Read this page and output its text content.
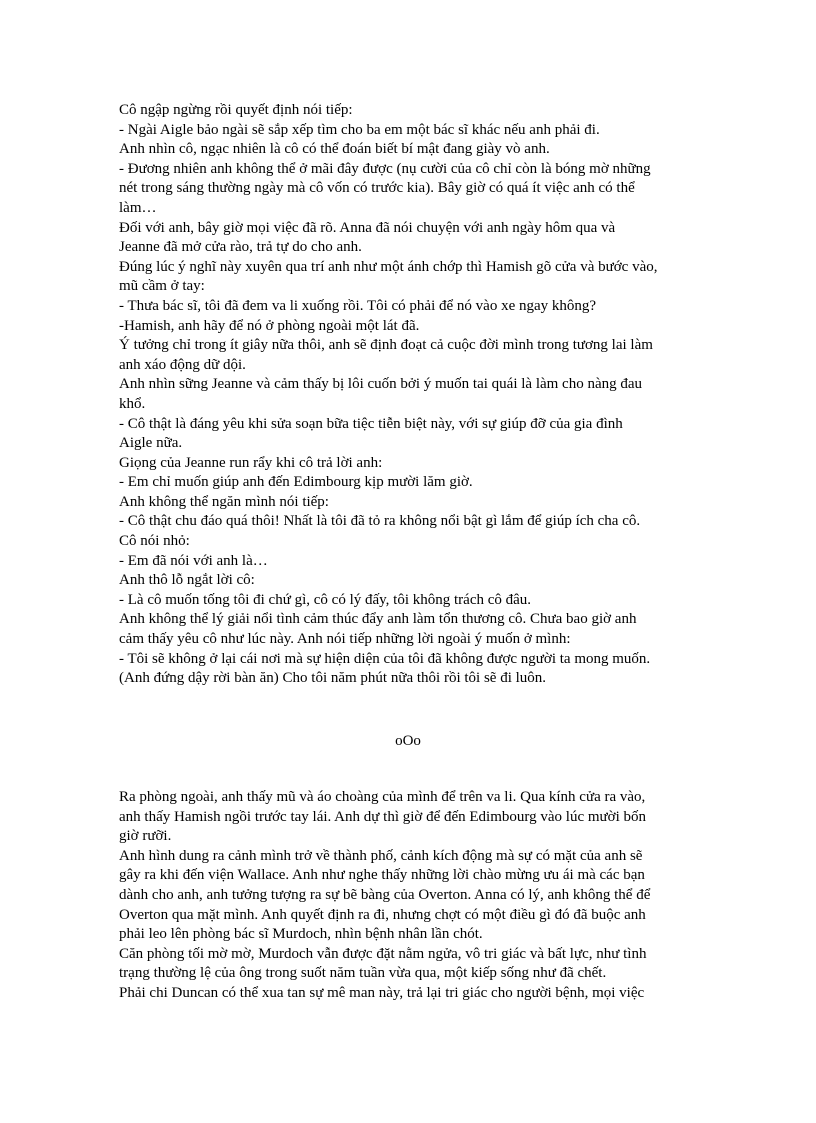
Cô ngập ngừng rồi quyết định nói tiếp:
- Ngài Aigle bảo ngài sẽ sắp xếp tìm cho ba em một bác sĩ khác nếu anh phải đi.
Anh nhìn cô, ngạc nhiên là cô có thể đoán biết bí mật đang giày vò anh.
- Đương nhiên anh không thể ở mãi đây được (nụ cười của cô chỉ còn là bóng mờ những
nét trong sáng thường ngày mà cô vốn có trước kia). Bây giờ có quá ít việc anh có thể
làm…
Đối với anh, bây giờ mọi việc đã rõ. Anna đã nói chuyện với anh ngày hôm qua và
Jeanne đã mở cửa rào, trả tự do cho anh.
Đúng lúc ý nghĩ này xuyên qua trí anh như một ánh chớp thì Hamish gõ cửa và bước vào,
mũ cầm ở tay:
- Thưa bác sĩ, tôi đã đem va li xuống rồi. Tôi có phải để nó vào xe ngay không?
-Hamish, anh hãy để nó ở phòng ngoài một lát đã.
Ý tưởng chỉ trong ít giây nữa thôi, anh sẽ định đoạt cả cuộc đời mình trong tương lai làm
anh xáo động dữ dội.
Anh nhìn sững Jeanne và cảm thấy bị lôi cuốn bởi ý muốn tai quái là làm cho nàng đau
khổ.
- Cô thật là đáng yêu khi sửa soạn bữa tiệc tiễn biệt này, với sự giúp đỡ của gia đình
Aigle nữa.
Giọng của Jeanne run rẩy khi cô trả lời anh:
- Em chỉ muốn giúp anh đến Edimbourg kịp mười lăm giờ.
Anh không thể ngăn mình nói tiếp:
- Cô thật chu đáo quá thôi! Nhất là tôi đã tỏ ra không nổi bật gì lắm để giúp ích cha cô.
Cô nói nhỏ:
- Em đã nói với anh là…
Anh thô lỗ ngắt lời cô:
- Là cô muốn tống tôi đi chứ gì, cô có lý đấy, tôi không trách cô đâu.
Anh không thể lý giải nổi tình cảm thúc đẩy anh làm tổn thương cô. Chưa bao giờ anh
cảm thấy yêu cô như lúc này. Anh nói tiếp những lời ngoài ý muốn ở mình:
- Tôi sẽ không ở lại cái nơi mà sự hiện diện của tôi đã không được người ta mong muốn.
(Anh đứng dậy rời bàn ăn) Cho tôi năm phút nữa thôi rồi tôi sẽ đi luôn.
oOo
Ra phòng ngoài, anh thấy mũ và áo choàng của mình để trên va li. Qua kính cửa ra vào,
anh thấy Hamish ngồi trước tay lái. Anh dự thì giờ để đến Edimbourg vào lúc mười bốn
giờ rưỡi.
Anh hình dung ra cảnh mình trở về thành phố, cảnh kích động mà sự có mặt của anh sẽ
gây ra khi đến viện Wallace. Anh như nghe thấy những lời chào mừng ưu ái mà các bạn
dành cho anh, anh tưởng tượng ra sự bẽ bàng của Overton. Anna có lý, anh không thể để
Overton qua mặt mình. Anh quyết định ra đi, nhưng chợt có một điều gì đó đã buộc anh
phải leo lên phòng bác sĩ Murdoch, nhìn bệnh nhân lần chót.
Căn phòng tối mờ mờ, Murdoch vẫn được đặt nằm ngửa, vô tri giác và bất lực, như tình
trạng thường lệ của ông trong suốt năm tuần vừa qua, một kiếp sống như đã chết.
Phải chi Duncan có thể xua tan sự mê man này, trả lại tri giác cho người bệnh, mọi việc
